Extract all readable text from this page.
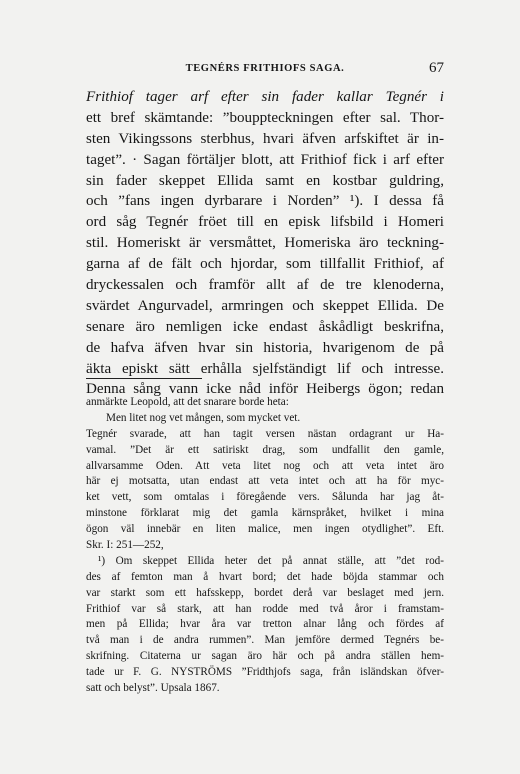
TEGNÉRS FRITHIOFS SAGA.	67
Frithiof tager arf efter sin fader kallar Tegnér i
ett bref skämtande: ”bouppteckningen efter sal. Thor-
sten Vikingssons sterbhus, hvari äfven arfskiftet är in-
taget”. · Sagan förtäljer blott, att Frithiof fick i arf efter
sin fader skeppet Ellida samt en kostbar guldring,
och ”fans ingen dyrbarare i Norden” ¹). I dessa få
ord såg Tegnér fröet till en episk lifsbild i Homeri
stil. Homeriskt är versmåttet, Homeriska äro teckning-
garna af de fält och hjordar, som tillfallit Frithiof, af
dryckessalen och framför allt af de tre klenoderna,
svärdet Angurvadel, armringen och skeppet Ellida. De
senare äro nemligen icke endast åskådligt beskrifna,
de hafva äfven hvar sin historia, hvarigenom de på
äkta episkt sätt erhålla sjelfständigt lif och intresse.
Denna sång vann icke nåd inför Heibergs ögon; redan
anmärkte Leopold, att det snarare borde heta:
Men litet nog vet mången, som mycket vet.
Tegnér svarade, att han tagit versen nästan ordagrant ur Ha-
vamal. ”Det är ett satiriskt drag, som undfallit den gamle,
allvarsamme Oden. Att veta litet nog och att veta intet äro
här ej motsatta, utan endast att veta intet och att ha för myc-
ket vett, som omtalas i föregående vers. Sålunda har jag åt-
minstone förklarat mig det gamla kärnspråket, hvilket i mina
ögon väl innebär en liten malice, men ingen otydlighet”. Eft.
Skr. I: 251—252,
¹) Om skeppet Ellida heter det på annat ställe, att ”det rod-
des af femton man å hvart bord; det hade böjda stammar och
var starkt som ett hafsskepp, bordet derå var beslaget med jern.
Frithiof var så stark, att han rodde med två åror i framstam-
men på Ellida; hvar åra var tretton alnar lång och fördes af
två man i de andra rummen”. Man jemföre dermed Tegnérs be-
skrifning. Citaterna ur sagan äro här och på andra ställen hem-
tade ur F. G. NYSTRÖMS ”Fridthjofs saga, från isländskan öfver-
satt och belyst”. Upsala 1867.
